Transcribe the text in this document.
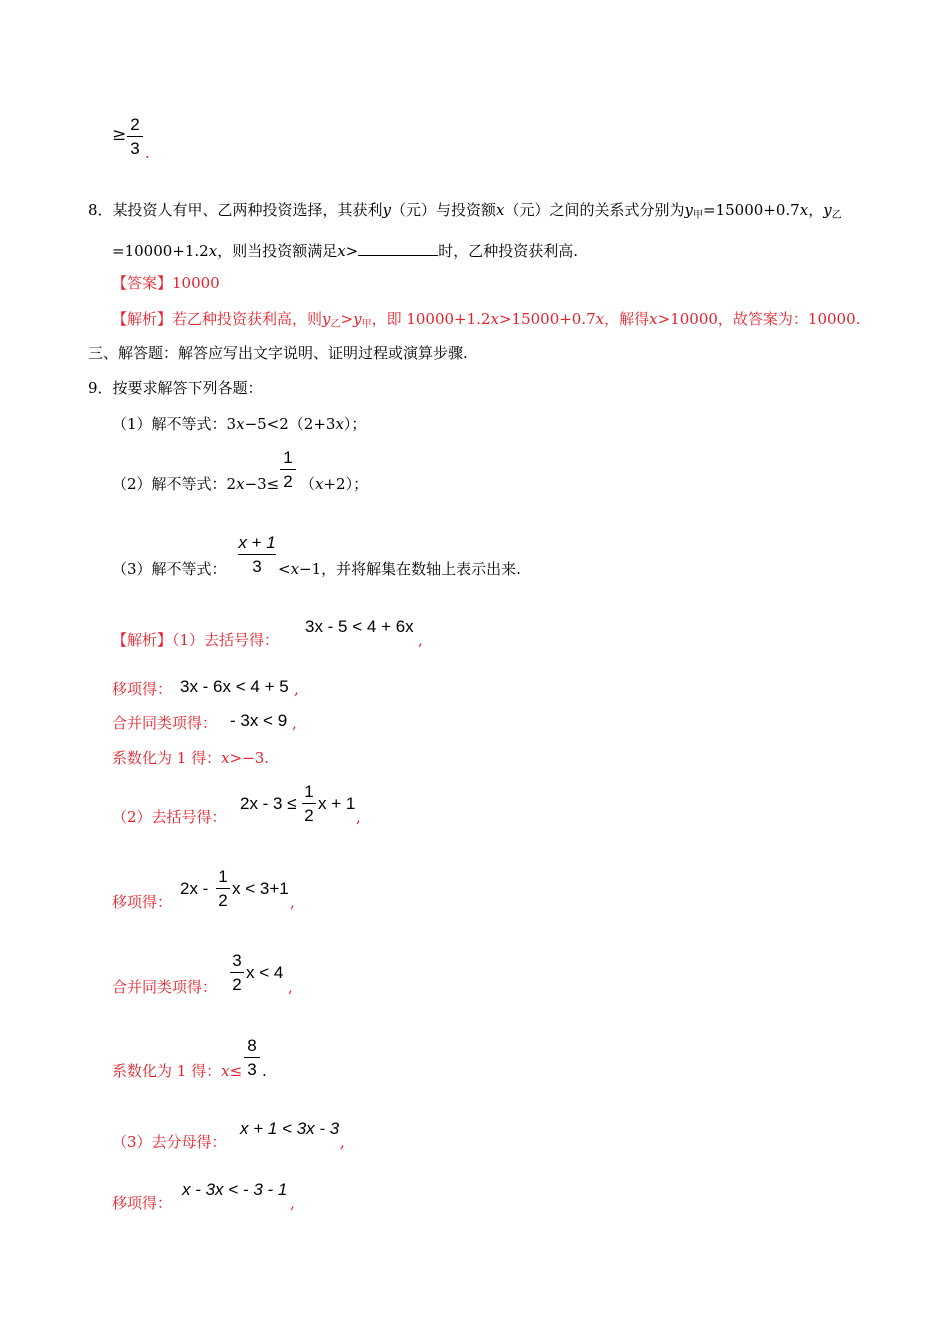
≥
2
3 .
8．某投资人有甲、乙两种投资选择，其获利y（元）与投资额x（元）之间的关系式分别为$y_甲=15000+0.7x$，$y_乙$
=10000+1.2x，则当投资额满足x>	时，乙种投资获利高.
【答案】10000
【解析】若乙种投资获利高，则$y_乙>y_甲$，即 10000+1.2x>15000+0.7x，解得x>10000，故答案为：10000.
三、解答题：解答应写出文字说明、证明过程或演算步骤.
9．按要求解答下列各题：
（1）解不等式：3x−5<2（2+3x）；
（2）解不等式：2x−3≤
1
2 （x+2）；
（3）解不等式：
x + 1
3	<x−1，并将解集在数轴上表示出来.
【解析】（1）去括号得：
3x - 5 < 4 + 6x
,
移项得： 3x - 6x < 4 + 5 ,
合并同类项得： - 3x < 9 ,
系数化为 1 得：x>−3.
（2）去括号得：
2x - 3 ≤
1
2
x + 1
,
移项得：
2x -
1
2
x < 3+1
,
合并同类项得：
3
2
x < 4
,
系数化为 1 得：x≤
8
3 .
（3）去分母得：
x + 1 < 3x - 3
,
移项得：
x - 3x < - 3 - 1
,
